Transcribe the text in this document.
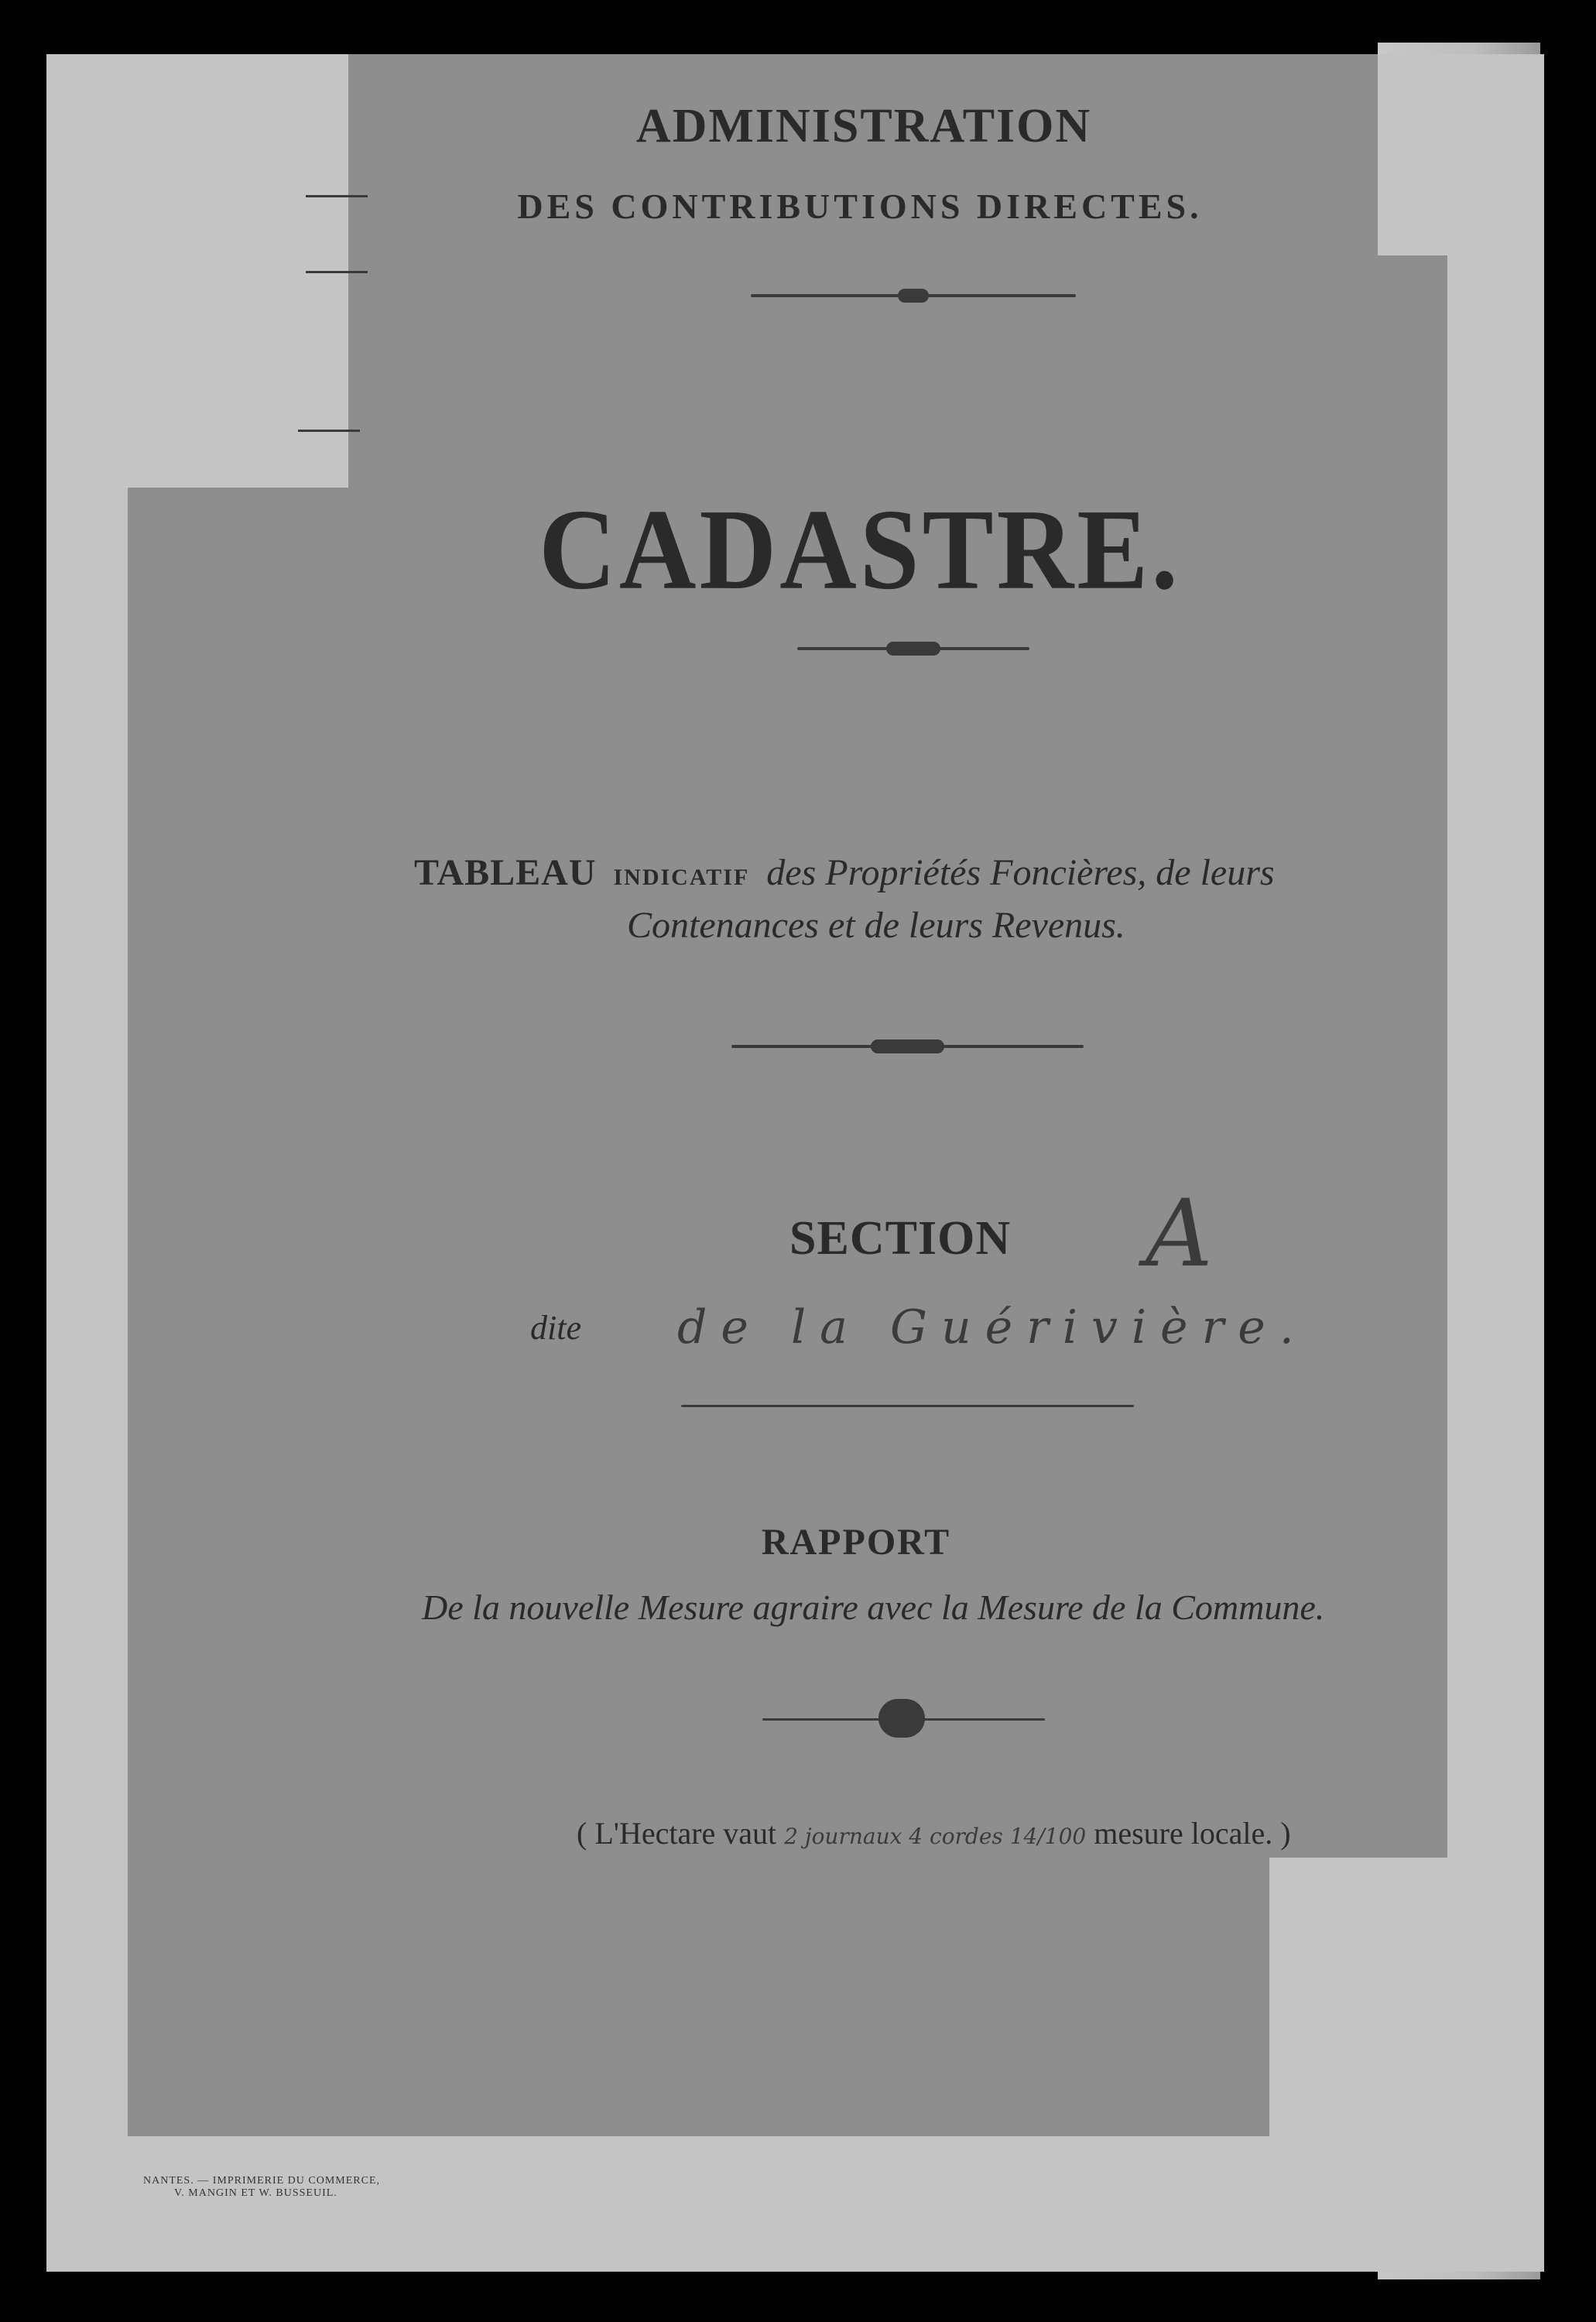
ADMINISTRATION
DES CONTRIBUTIONS DIRECTES.
CADASTRE.
TABLEAU INDICATIF des Propriétés Foncières, de leurs
Contenances et de leurs Revenus.
SECTION A
dite de la Guérivière.
RAPPORT
De la nouvelle Mesure agraire avec la Mesure de la Commune.
( L'Hectare vaut 2 journaux 4 cordes 14/100 mesure locale. )
NANTES. — IMPRIMERIE DU COMMERCE,
V. MANGIN ET W. BUSSEUIL.
